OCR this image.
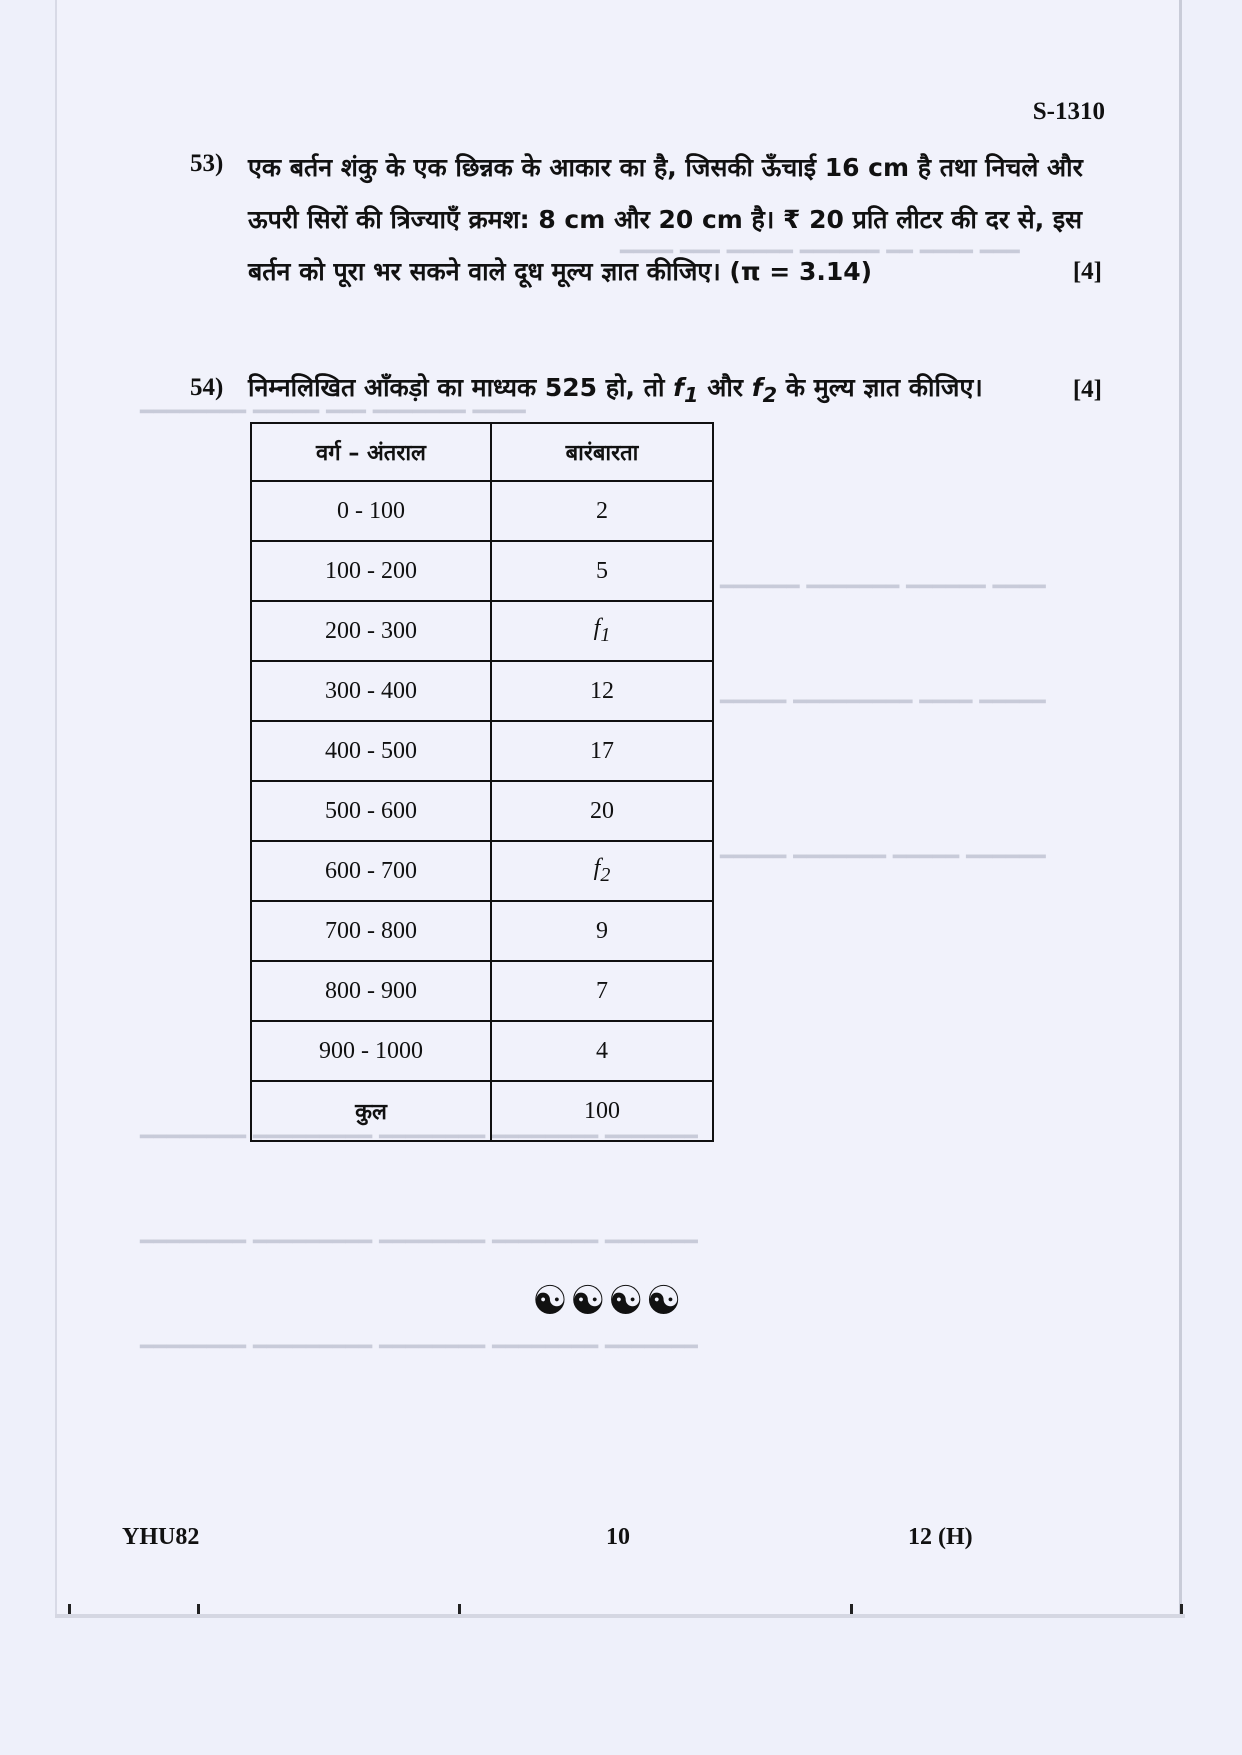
━━━ ━━━━ ━━ ━━━━━━ ━━━━━ ━━━ ━━━━
━━━━ ━━━━━━━ ━━━ ━━━━━ ━━━━━━━━
━━━━ ━━━━━━ ━━━━━━━ ━━━━━━
━━━━━ ━━━━ ━━━━━━━━━ ━━━━━
━━━━━━ ━━━━━ ━━━━━━━ ━━━━━
━━━━━━━ ━━━━━━━━ ━━━━━━━━ ━━━━━━━━━ ━━━━━━━━
━━━━━━━ ━━━━━━━━ ━━━━━━━━ ━━━━━━━━━ ━━━━━━━━
━━━━━━━ ━━━━━━━━ ━━━━━━━━ ━━━━━━━━━ ━━━━━━━━
S-1310
53) एक बर्तन शंकु के एक छिन्नक के आकार का है, जिसकी ऊँचाई 16 cm है तथा निचले और ऊपरी सिरों की त्रिज्याएँ क्रमश: 8 cm और 20 cm है। ₹ 20 प्रति लीटर की दर से, इस बर्तन को पूरा भर सकने वाले दूध मूल्य ज्ञात कीजिए। (π = 3.14)	[4]
54) निम्नलिखित आँकड़ो का माध्यक 525 हो, तो $f_1$ और $f_2$ के मुल्य ज्ञात कीजिए।	[4]
वर्ग – अंतराल	बारंबारता
0 - 100	2
100 - 200	5
200 - 300	$f_1$
300 - 400	12
400 - 500	17
500 - 600	20
600 - 700	$f_2$
700 - 800	9
800 - 900	7
900 - 1000	4
कुल	100
☯☯☯☯
YHU82	10	12 (H)
